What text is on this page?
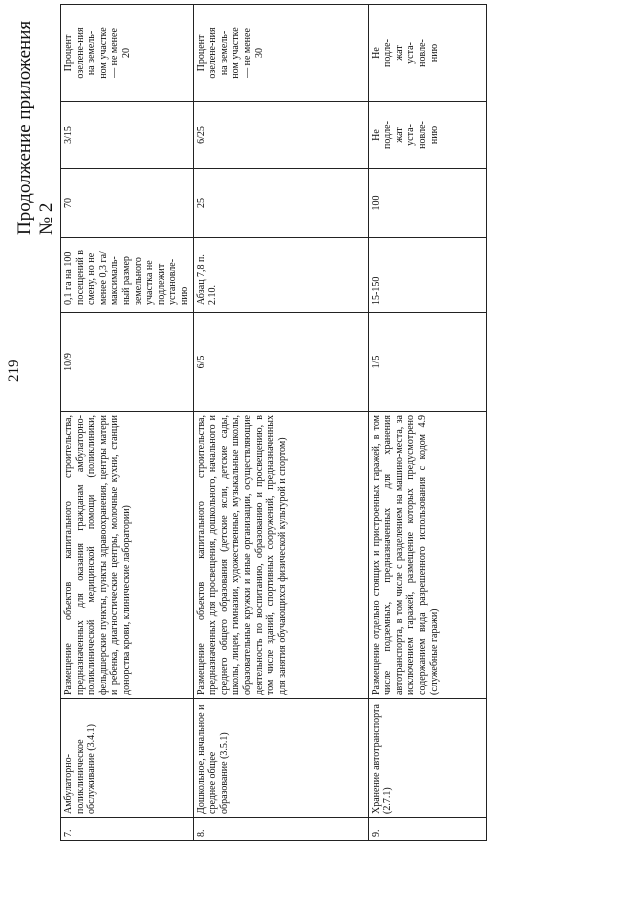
219
Продолжение приложения № 2
7.	Амбулаторно-поликлиническое обслуживание (3.4.1)	Размещение объектов капитального строительства, предназначенных для оказания гражданам амбулаторно-поликлинической медицинской помощи (поликлиники, фельдшерские пункты, пункты здравоохранения, центры матери и ребенка, диагностические центры, молочные кухни, станции донорства крови, клинические лаборатории)	10/9	0,1 га на 100 посещений в смену, но не менее 0,3 га/ максималь-ный размер земельного участка не подлежит установле-нию	70	3/15	Процент озелене-ния на земель-ном участке — не менее 20
8.	Дошкольное, начальное и среднее общее образование (3.5.1)	Размещение объектов капитального строительства, предназначенных для просвещения, дошкольного, начального и среднего общего образования (детские ясли, детские сады, школы, лицеи, гимназии, художественные, музыкальные школы, образовательные кружки и иные организации, осуществляющие деятельность по воспитанию, образованию и просвещению, в том числе зданий, спортивных сооружений, предназначенных для занятия обучающихся физической культурой и спортом)	6/5	Абзац 7,8 п. 2.10.	25	6/25	Процент озелене-ния на земель-ном участке — не менее 30
9.	Хранение автотранспорта (2.7.1)	Размещение отдельно стоящих и пристроенных гаражей, в том числе подземных, предназначенных для хранения автотранспорта, в том числе с разделением на машино-места, за исключением гаражей, размещение которых предусмотрено содержанием вида разрешенного использования с кодом 4.9 (служебные гаражи)	1/5	15-150	100	Не подле-жат уста-новле-нию	Не подле-жат уста-новле-нию
